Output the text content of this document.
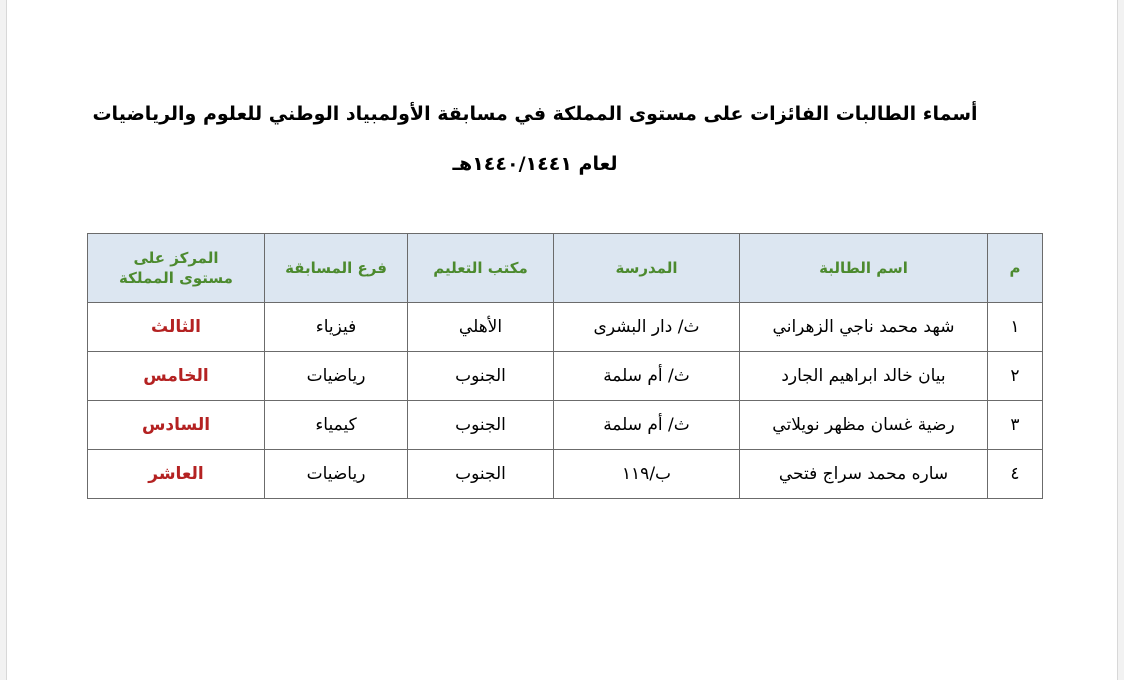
أسماء الطالبات الفائزات على مستوى المملكة في مسابقة الأولمبياد الوطني للعلوم والرياضيات
لعام ١٤٤٠/١٤٤١هـ
م	اسم الطالبة	المدرسة	مكتب التعليم	فرع المسابقة	المركز على مستوى المملكة

١	شهد محمد ناجي الزهراني	ث/ دار البشرى	الأهلي	فيزياء	الثالث
٢	بيان خالد ابراهيم الجارد	ث/ أم سلمة	الجنوب	رياضيات	الخامس
٣	رضية غسان مظهر نويلاتي	ث/ أم سلمة	الجنوب	كيمياء	السادس
٤	ساره محمد سراج فتحي	ب/١١٩	الجنوب	رياضيات	العاشر
